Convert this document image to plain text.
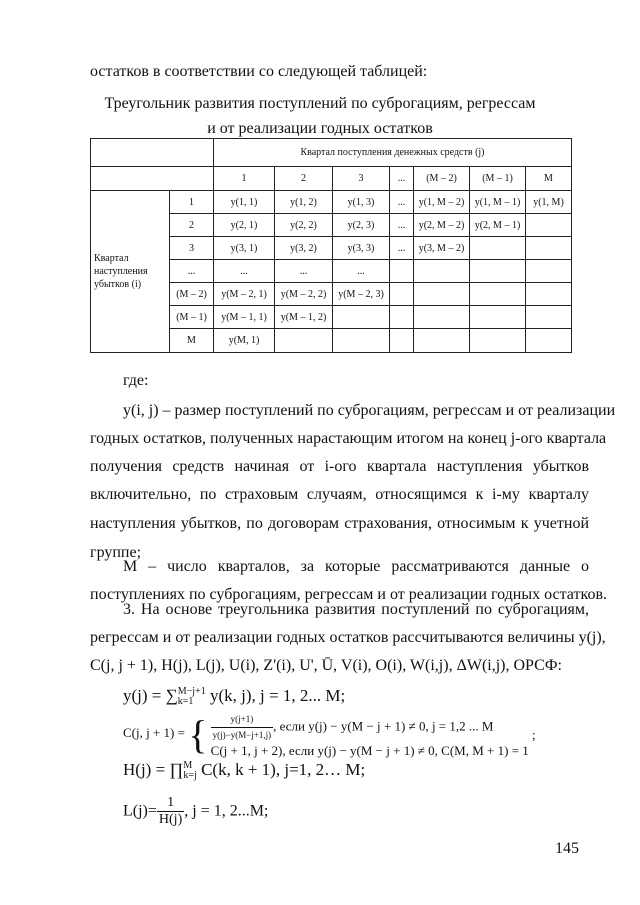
остатков в соответствии со следующей таблицей:
Треугольник развития поступлений по суброгациям, регрессам
и от реализации годных остатков
		Квартал поступления денежных средств (j)						
		1	2	3	...	(M – 2)	(M – 1)	M
Квартал наступления убытков (i)	1	y(1, 1)	y(1, 2)	y(1, 3)	...	y(1, M – 2)	y(1, M – 1)	y(1, M)
	2	y(2, 1)	y(2, 2)	y(2, 3)	...	y(2, M – 2)	y(2, M – 1)	
	3	y(3, 1)	y(3, 2)	y(3, 3)	...	y(3, M – 2)		
	...	...	...	...				
	(M – 2)	y(M – 2, 1)	y(M – 2, 2)	y(M – 2, 3)				
	(M – 1)	y(M – 1, 1)	y(M – 1, 2)					
	M	y(M, 1)						
где:
y(i, j) – размер поступлений по суброгациям, регрессам и от реализации
годных остатков, полученных нарастающим итогом на конец j-ого квартала
получения средств начиная от i-ого квартала наступления убытков
включительно, по страховым случаям, относящимся к i-му кварталу
наступления убытков, по договорам страхования, относимым к учетной
группе;
M – число кварталов, за которые рассматриваются данные о
поступлениях по суброгациям, регрессам и от реализации годных остатков.
3. На основе треугольника развития поступлений по суброгациям,
регрессам и от реализации годных остатков рассчитываются величины y(j),
C(j, j + 1), H(j), L(j), U(i), Z'(i), U', Ū, V(i), O(i), W(i,j), ΔW(i,j), ОРСФ:
y(j) = ∑ M−j+1
k=1 y(k, j), j = 1, 2... M;
C(j, j + 1) = { $\frac{y(j+1)}{y(j)-y(M-j+1,j)}$ , если y(j) − y(M − j + 1) ≠ 0, j = 1,2 ... M
C(j + 1, j + 2), если y(j) − y(M − j + 1) ≠ 0, C(M, M + 1) = 1
;
H(j) = ∏ M
k=j C(k, k + 1), j=1, 2… M;
$L(j)= \frac{1}{H(j)}$ , j = 1, 2...M;
145
